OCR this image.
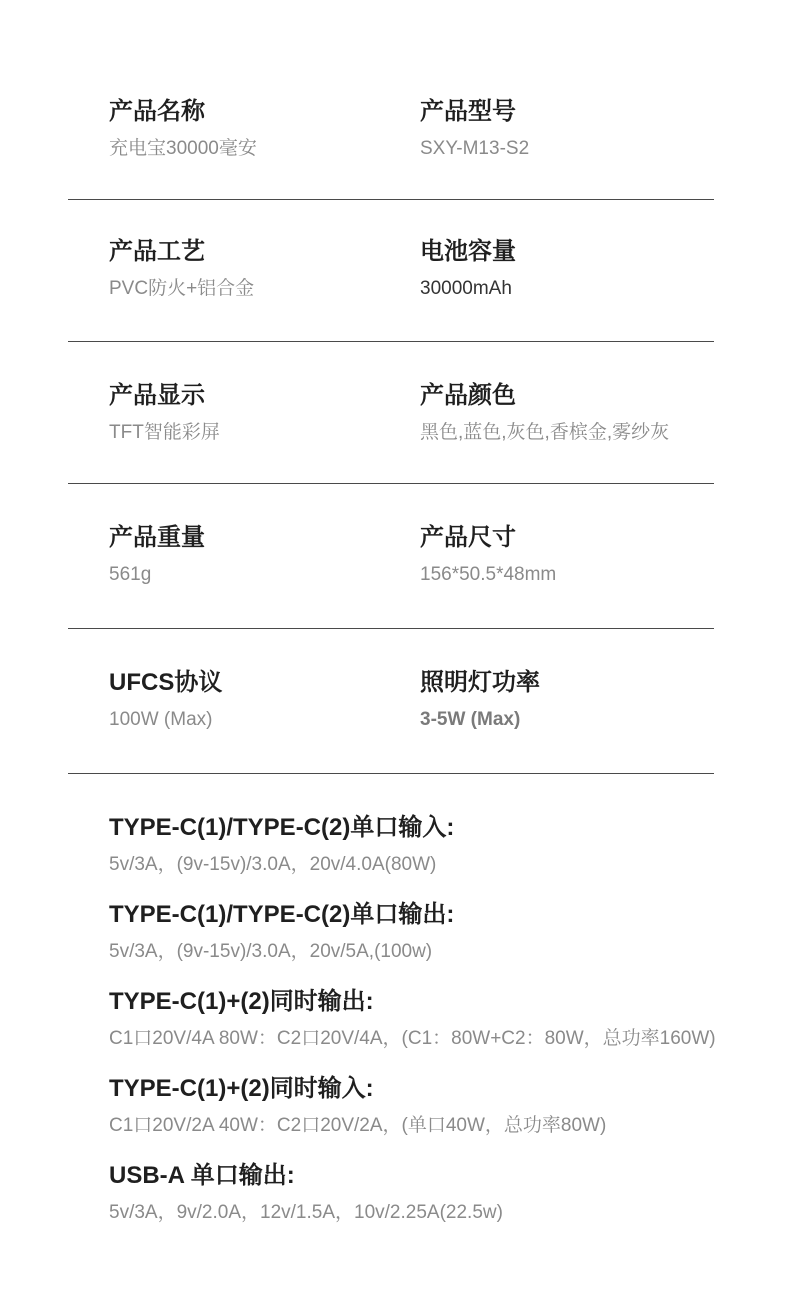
产品名称
充电宝30000毫安
产品型号
SXY-M13-S2
产品工艺
PVC防火+铝合金
电池容量
30000mAh
产品显示
TFT智能彩屏
产品颜色
黑色,蓝色,灰色,香槟金,雾纱灰
产品重量
561g
产品尺寸
156*50.5*48mm
UFCS协议
100W (Max)
照明灯功率
3-5W (Max)
TYPE-C(1)/TYPE-C(2)单口输入:
5v/3A，(9v-15v)/3.0A，20v/4.0A(80W)
TYPE-C(1)/TYPE-C(2)单口输出:
5v/3A，(9v-15v)/3.0A，20v/5A,(100w)
TYPE-C(1)+(2)同时输出:
C1口20V/4A 80W：C2口20V/4A，(C1：80W+C2：80W，总功率160W)
TYPE-C(1)+(2)同时输入:
C1口20V/2A 40W：C2口20V/2A，(单口40W，总功率80W)
USB-A 单口输出:
5v/3A，9v/2.0A，12v/1.5A，10v/2.25A(22.5w)
